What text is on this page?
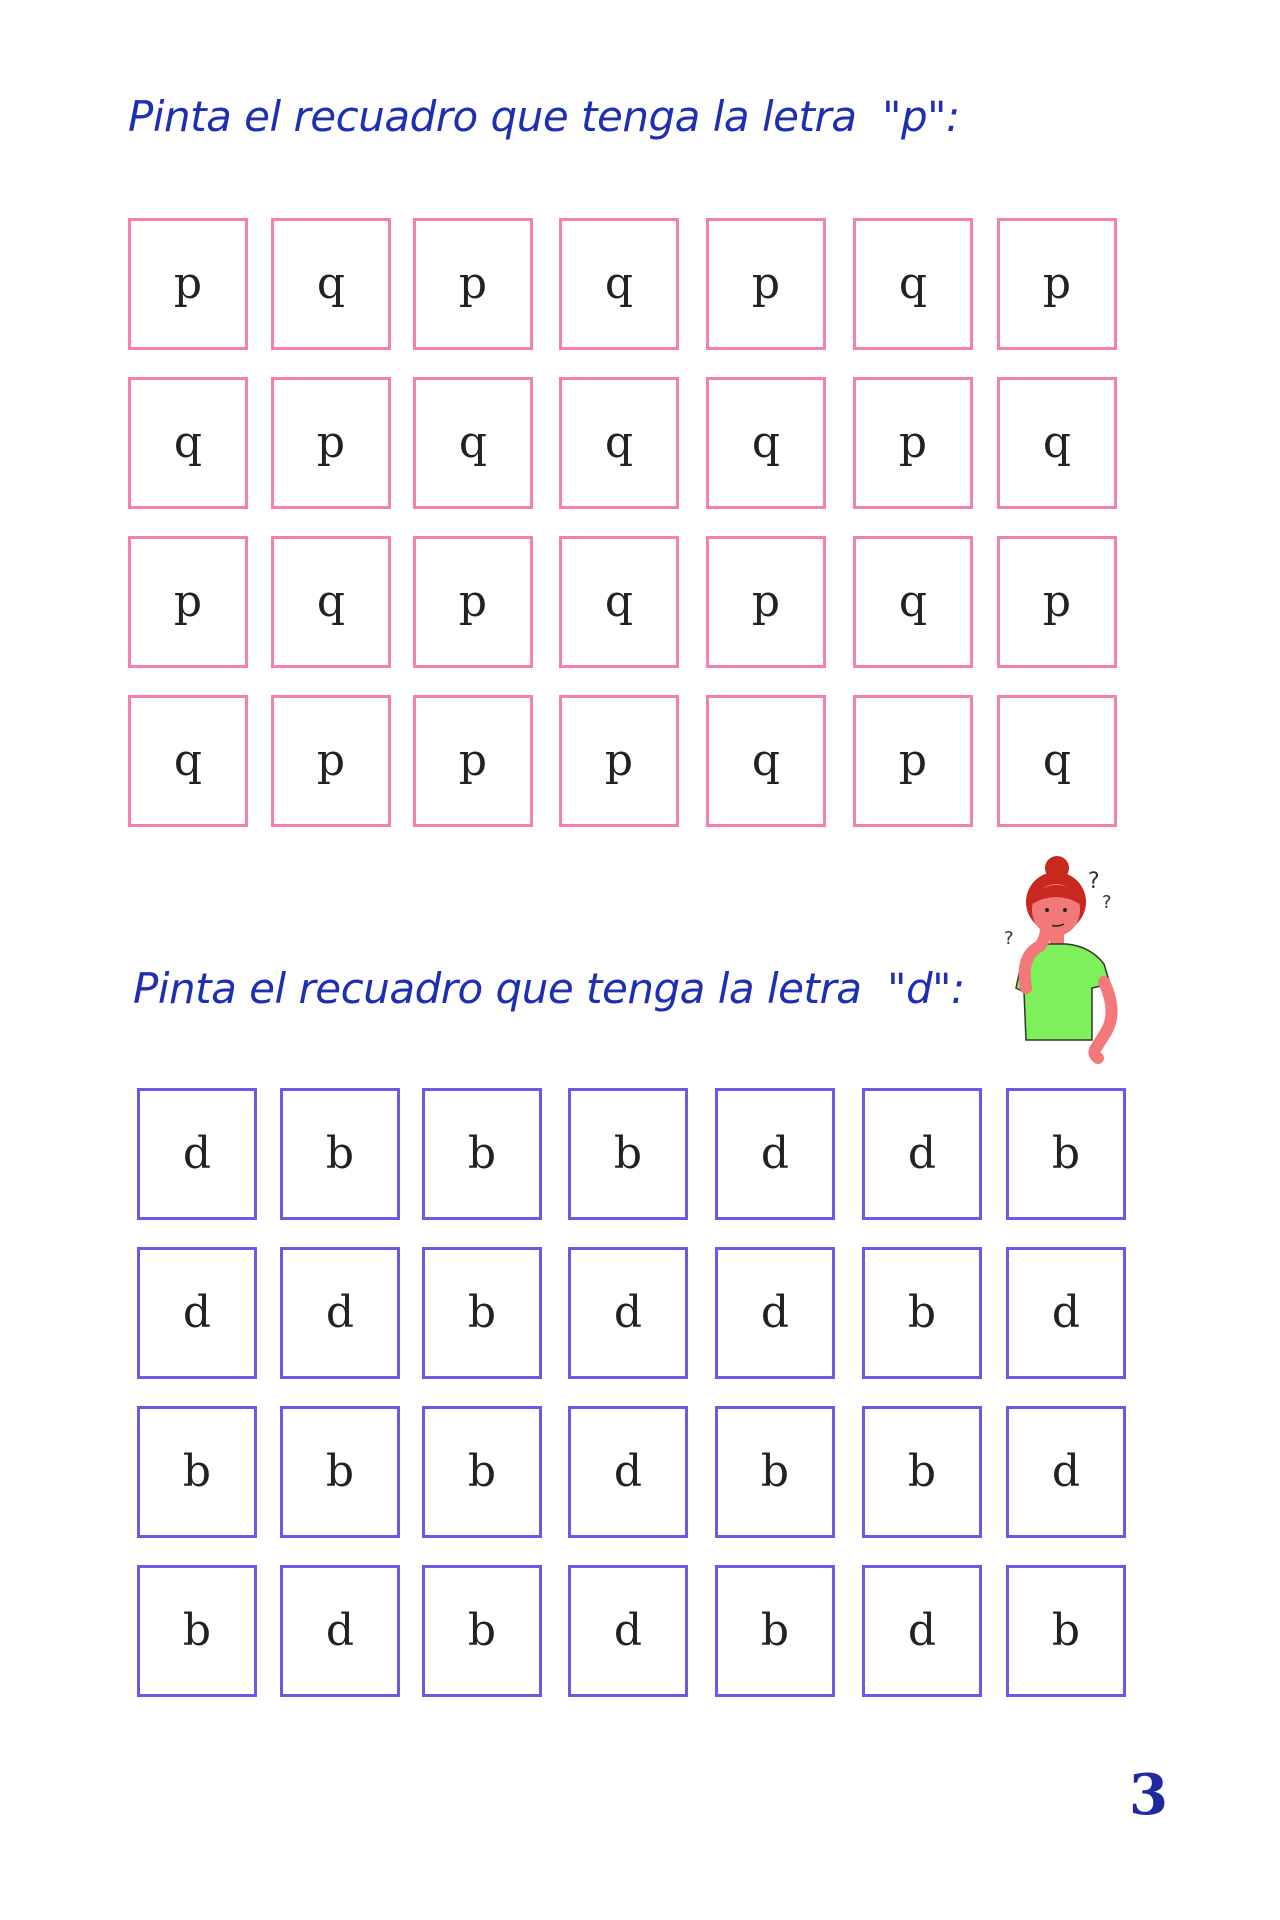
Pinta el recuadro que tenga la letra  "p":
p	q	p	q	p	q	p
q	p	q	q	q	p	q
p	q	p	q	p	q	p
q	p	p	p	q	p	q
Pinta el recuadro que tenga la letra  "d":
d	b	b	b	d	d	b
d	d	b	d	d	b	d
b	b	b	d	b	b	d
b	d	b	d	b	d	b
?
?
?
3
